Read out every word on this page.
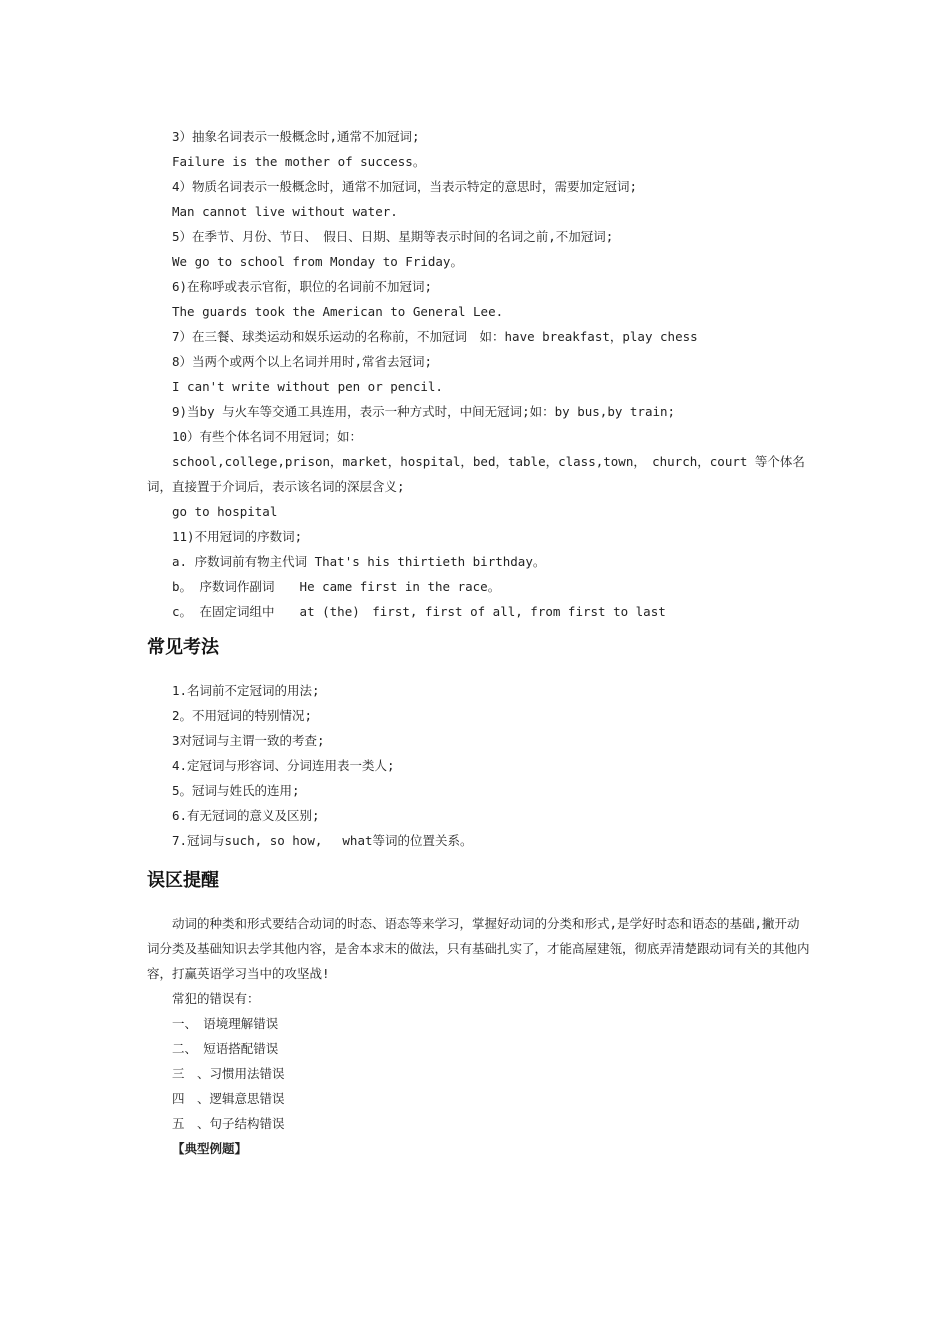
3）抽象名词表示一般概念时,通常不加冠词;
Failure is the mother of success。
4）物质名词表示一般概念时，通常不加冠词，当表示特定的意思时，需要加定冠词;
Man cannot live without water.
5）在季节、月份、节日、　假日、日期、星期等表示时间的名词之前,不加冠词;
We go to school from Monday to Friday。
6)在称呼或表示官衔，职位的名词前不加冠词;
The guards took the American to General Lee.
7）在三餐、球类运动和娱乐运动的名称前，不加冠词　如：have breakfast，play chess
8）当两个或两个以上名词并用时,常省去冠词;
I can't write without pen or pencil.
9)当by 与火车等交通工具连用，表示一种方式时，中间无冠词;如：by bus,by train;
10）有些个体名词不用冠词；如：
school,college,prison，market，hospital，bed，table，class,town，　church，court 等个体名词，直接置于介词后，表示该名词的深层含义;
go to hospital
11)不用冠词的序数词;
a. 序数词前有物主代词 That's his thirtieth birthday。
b。 序数词作副词　　He came first in the race。
c。 在固定词组中　　at (the)　first, first of all, from first to last
常见考法
1.名词前不定冠词的用法;
2。不用冠词的特别情况;
3对冠词与主谓一致的考查;
4.定冠词与形容词、分词连用表一类人;
5。冠词与姓氏的连用;
6.有无冠词的意义及区别;
7.冠词与such, so how,　 what等词的位置关系。
误区提醒
动词的种类和形式要结合动词的时态、语态等来学习，掌握好动词的分类和形式,是学好时态和语态的基础,撇开动词分类及基础知识去学其他内容，是舍本求末的做法，只有基础扎实了，才能高屋建瓴，彻底弄清楚跟动词有关的其他内容，打赢英语学习当中的攻坚战!
常犯的错误有：
一、　语境理解错误
二、　短语搭配错误
三　、习惯用法错误
四　、逻辑意思错误
五　、句子结构错误
【典型例题】
